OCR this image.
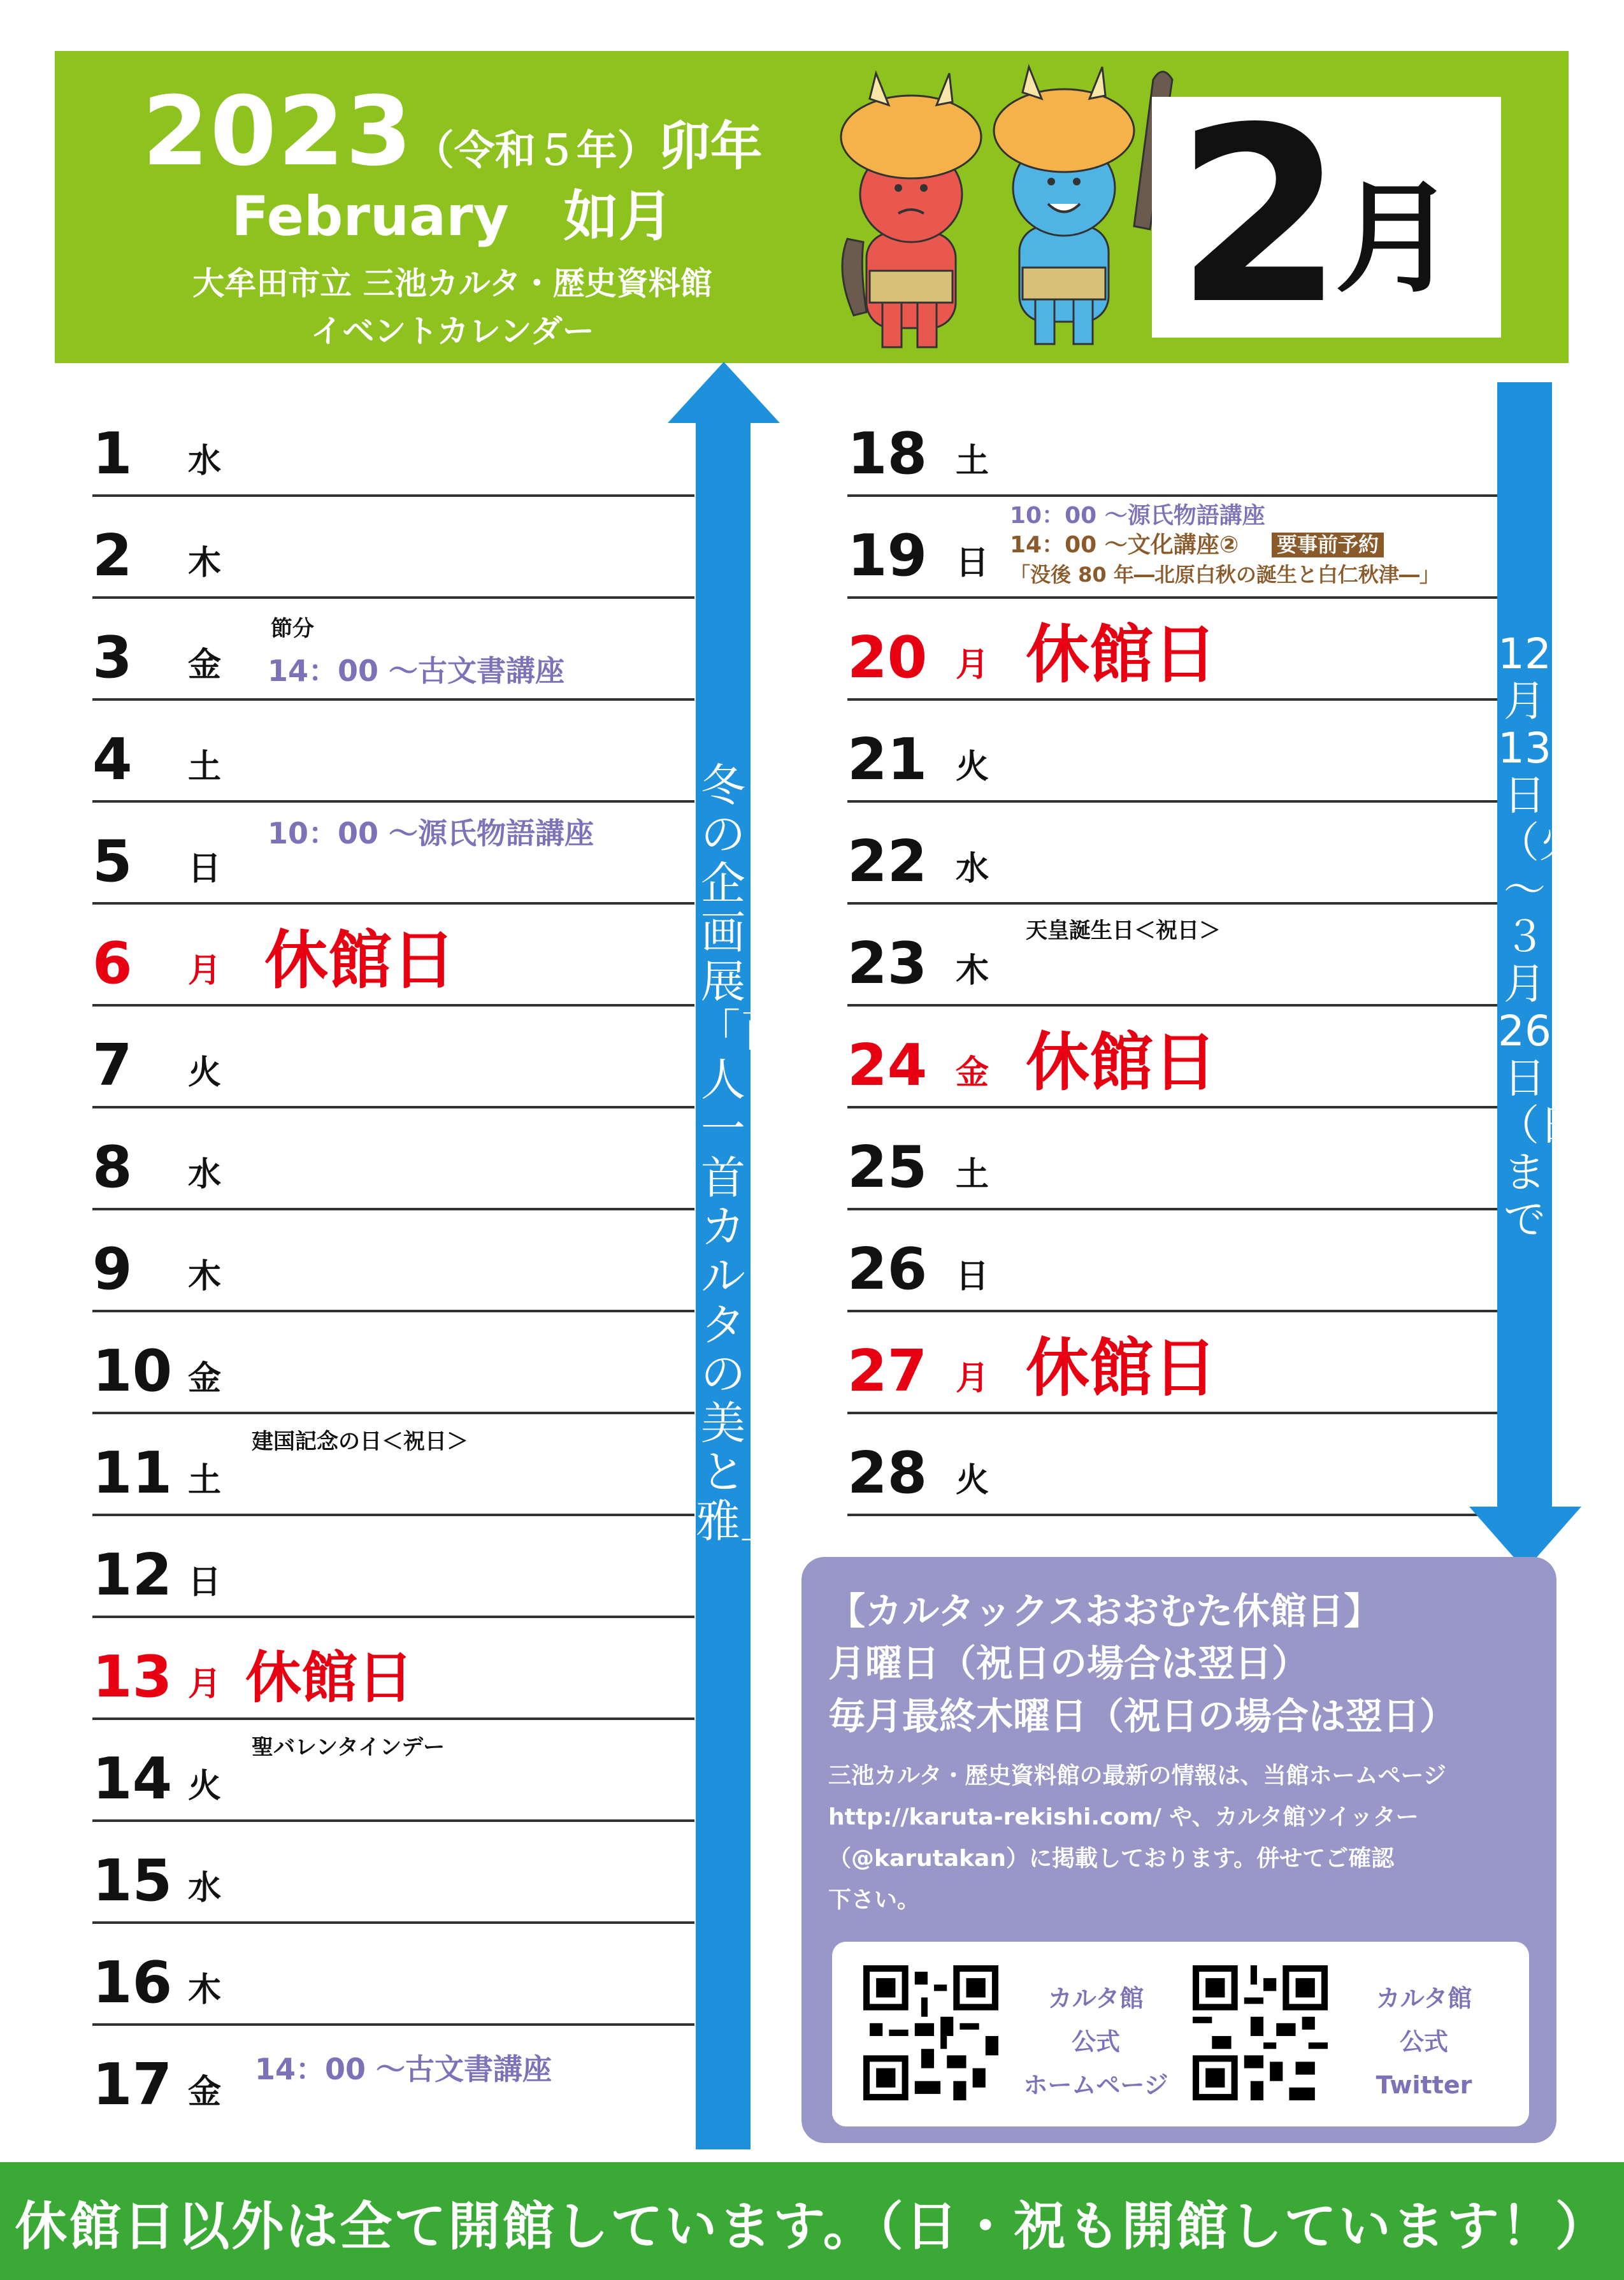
2023（令和５年）卯年
February　如月
大牟田市立 三池カルタ・歴史資料館
イベントカレンダー	2
月
1 水
2 木
3 金
節分
14：00 ～古文書講座
4 土
5 日
10：00 ～源氏物語講座
6 月 休館日
7 火
8 水
9 木
10 金
11 土
建国記念の日＜祝日＞
12 日
13 月 休館日
14 火
聖バレンタインデー
15 水
16 木
17 金
14：00 ～古文書講座
18 土
19 日
10：00 ～源氏物語講座
14：00 ～文化講座② 要事前予約
「没後 80 年―北原白秋の誕生と白仁秋津―」
20 月 休館日
21 火
22 水
23 木
天皇誕生日＜祝日＞
24 金 休館日
25 土
26 日
27 月 休館日
28 火
冬の企画展「百人一首カルタの美と雅」
12月13日（火）～３月26日（日）まで
【カルタックスおおむた休館日】
月曜日（祝日の場合は翌日）
毎月最終木曜日（祝日の場合は翌日）
三池カルタ・歴史資料館の最新の情報は、当館ホームページ
http://karuta-rekishi.com/ や、カルタ館ツイッター
（@karutakan）に掲載しております。併せてご確認
下さい。
カルタ館
公式
ホームページ
カルタ館
公式
Twitter
休館日以外は全て開館しています。（日・祝も開館しています！）
